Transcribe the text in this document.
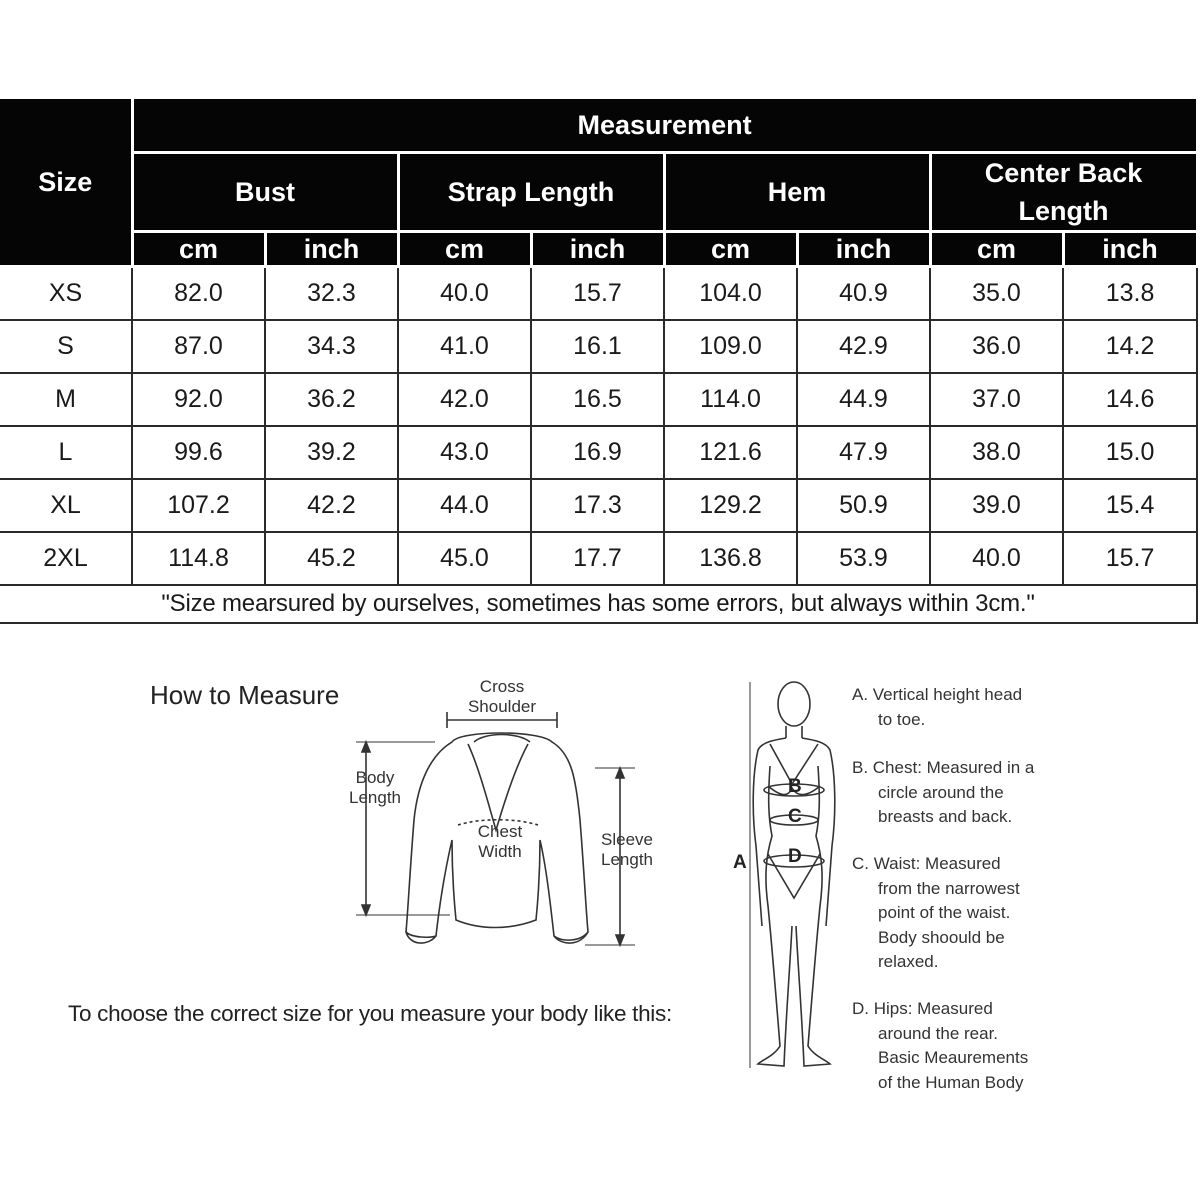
Size	Measurement							
	Bust		Strap Length		Hem		Center Back Length	
	cm	inch	cm	inch	cm	inch	cm	inch
XS	82.0	32.3	40.0	15.7	104.0	40.9	35.0	13.8
S	87.0	34.3	41.0	16.1	109.0	42.9	36.0	14.2
M	92.0	36.2	42.0	16.5	114.0	44.9	37.0	14.6
L	99.6	39.2	43.0	16.9	121.6	47.9	38.0	15.0
XL	107.2	42.2	44.0	17.3	129.2	50.9	39.0	15.4
2XL	114.8	45.2	45.0	17.7	136.8	53.9	40.0	15.7
"Size mearsured by ourselves, sometimes has some errors, but always within 3cm."								
How to Measure	Cross
Shoulder
Body
Length
Chest
Width
Sleeve
Length
To choose the correct size for you measure your body like this:
A
B
C
D
A. Vertical height head
to toe.
B. Chest: Measured in a
circle around the
breasts and back.
C. Waist: Measured
from the narrowest
point of the waist.
Body shoould be
relaxed.
D. Hips: Measured
around the rear.
Basic Meaurements
of the Human Body
